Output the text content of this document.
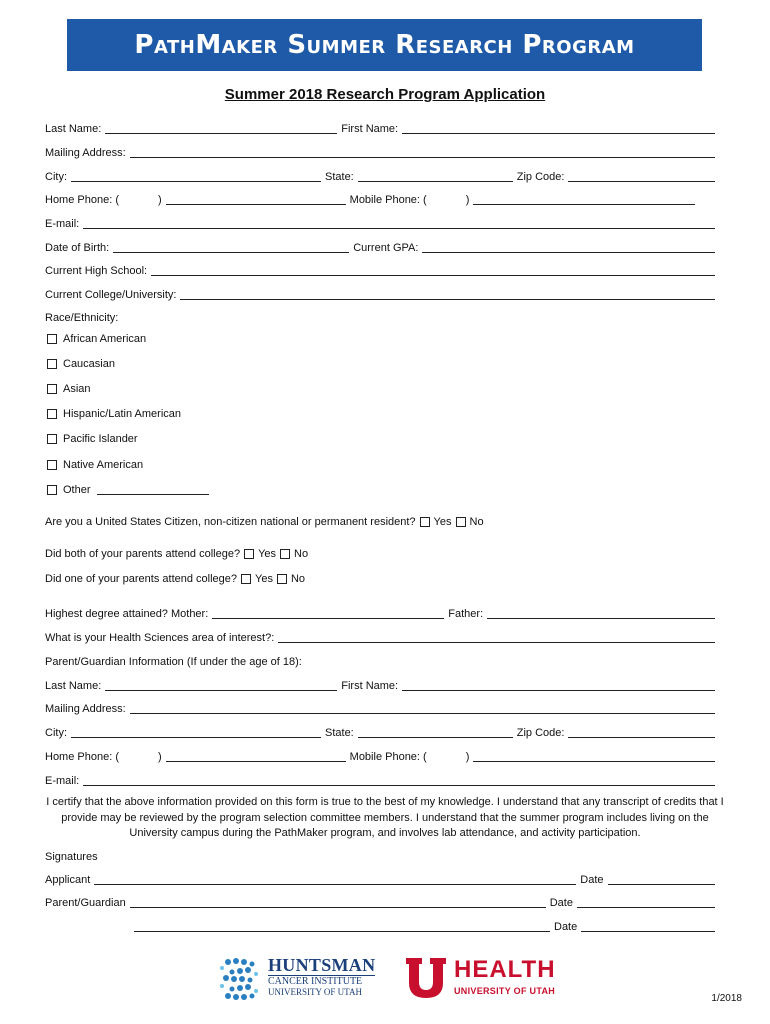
PathMaker Summer Research Program
Summer 2018 Research Program Application
Last Name:	First Name:
Mailing Address:
City:	State:	Zip Code:
Home Phone: (	)	Mobile Phone: (	)
E-mail:
Date of Birth:	Current GPA:
Current High School:
Current College/University:
Race/Ethnicity:
African American
Caucasian
Asian
Hispanic/Latin American
Pacific Islander
Native American
Other
Are you a United States Citizen, non-citizen national or permanent resident? Yes No
Did both of your parents attend college? Yes No
Did one of your parents attend college? Yes No
Highest degree attained? Mother:	Father:
What is your Health Sciences area of interest?:
Parent/Guardian Information (If under the age of 18):
Last Name:	First Name:
Mailing Address:
City:	State:	Zip Code:
Home Phone: (	)	Mobile Phone: (	)
E-mail:
I certify that the above information provided on this form is true to the best of my knowledge. I understand that any transcript of credits that I provide may be reviewed by the program selection committee members. I understand that the summer program includes living on the University campus during the PathMaker program, and involves lab attendance, and activity participation.
Signatures
Applicant	Date
Parent/Guardian	Date
Date
HUNTSMAN
CANCER INSTITUTE
UNIVERSITY OF UTAH
HEALTH
UNIVERSITY OF UTAH
1/2018
